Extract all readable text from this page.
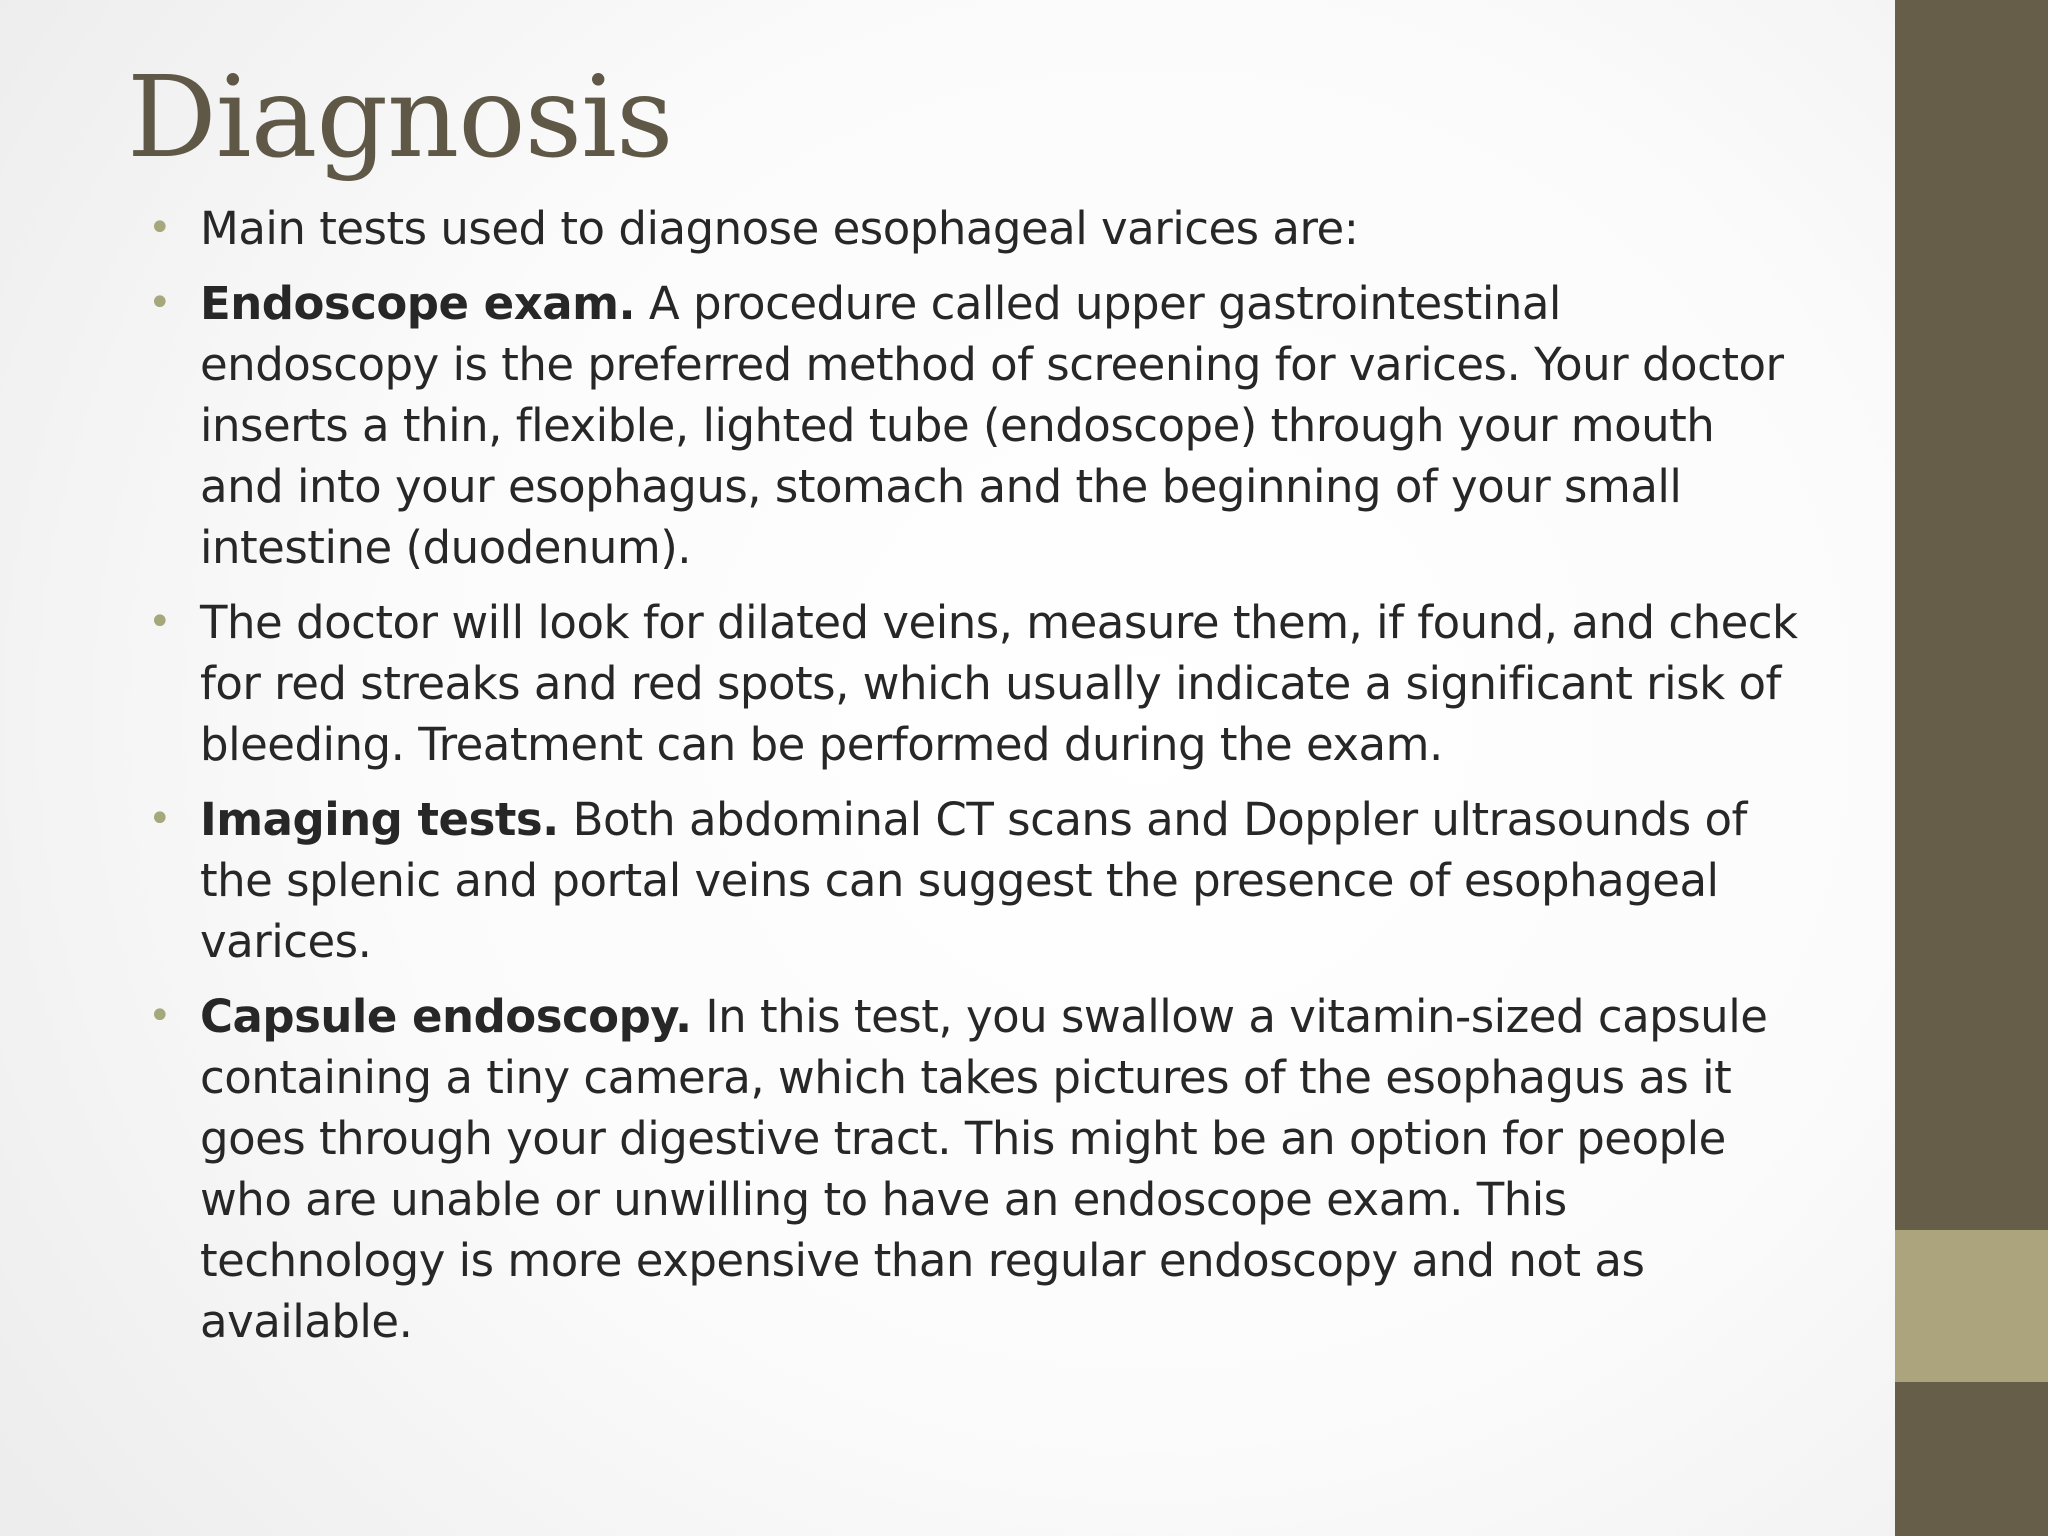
Diagnosis
• Main tests used to diagnose esophageal varices are:
• Endoscope exam. A procedure called upper gastrointestinal endoscopy is the preferred method of screening for varices. Your doctor inserts a thin, flexible, lighted tube (endoscope) through your mouth and into your esophagus, stomach and the beginning of your small intestine (duodenum).
• The doctor will look for dilated veins, measure them, if found, and check for red streaks and red spots, which usually indicate a significant risk of bleeding. Treatment can be performed during the exam.
• Imaging tests. Both abdominal CT scans and Doppler ultrasounds of the splenic and portal veins can suggest the presence of esophageal varices.
• Capsule endoscopy. In this test, you swallow a vitamin-sized capsule containing a tiny camera, which takes pictures of the esophagus as it goes through your digestive tract. This might be an option for people who are unable or unwilling to have an endoscope exam. This technology is more expensive than regular endoscopy and not as available.
